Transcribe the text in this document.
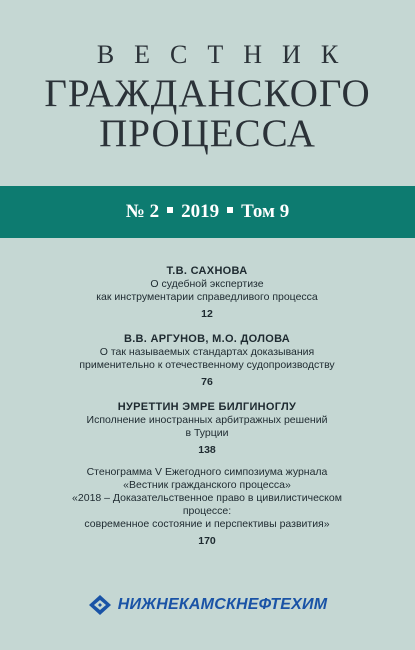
ВЕСТНИК
ГРАЖДАНСКОГО
ПРОЦЕССА
№ 2 2019 Том 9
Т.В. САХНОВА
О судебной экспертизе
как инструментарии справедливого процесса
12
В.В. АРГУНОВ, М.О. ДОЛОВА
О так называемых стандартах доказывания
применительно к отечественному судопроизводству
76
НУРЕТТИН ЭМРЕ БИЛГИНОГЛУ
Исполнение иностранных арбитражных решений
в Турции
138
Стенограмма V Ежегодного симпозиума журнала
«Вестник гражданского процесса»
«2018 – Доказательственное право в цивилистическом процессе:
современное состояние и перспективы развития»
170
НИЖНЕКАМСКНЕФТЕХИМ
